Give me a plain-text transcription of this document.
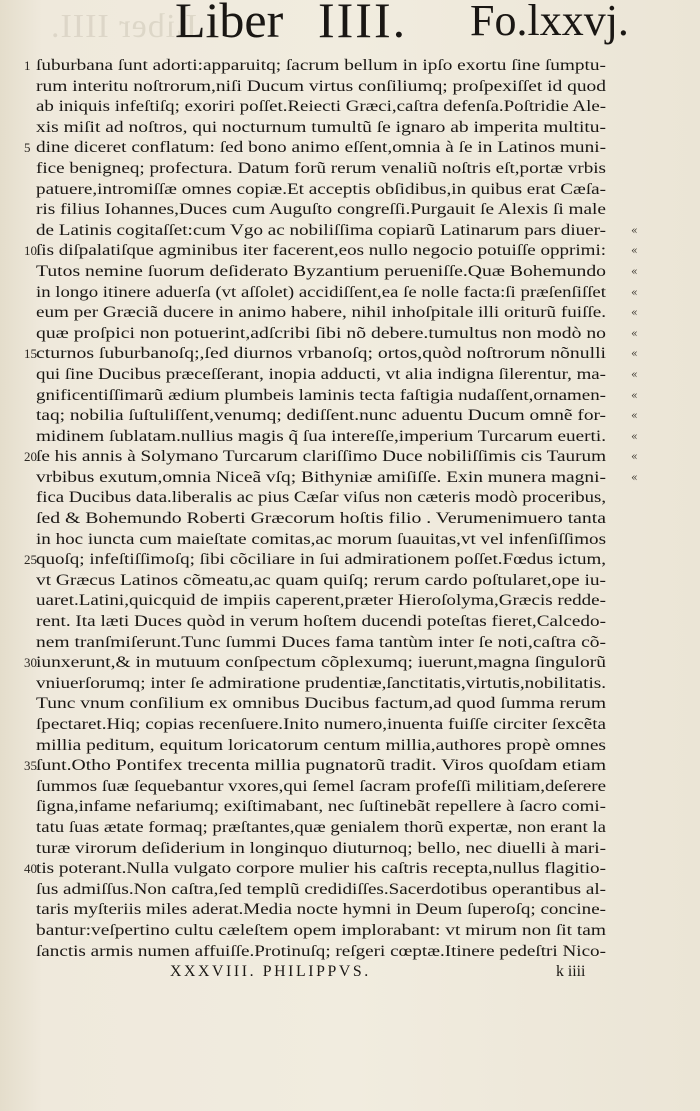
Liber IIII.
Liber IIII. Fo.lxxvj.
1 ſuburbana ſunt adorti:apparuitq; ſacrum bellum in ipſo exortu ſine ſumptu-
rum interitu noſtrorum,niſi Ducum virtus conſiliumq; proſpexiſſet id quod
ab iniquis infeſtiſq; exoriri poſſet.Reiecti Græci,caſtra defenſa.Poſtridie Ale-
xis miſit ad noſtros, qui nocturnum tumultũ ſe ignaro ab imperita multitu-
5 dine diceret conflatum: ſed bono animo eſſent,omnia à ſe in Latinos muni-
fice benigneq; profectura. Datum forũ rerum venaliũ noſtris eſt,portæ vrbis
patuere,intromiſſæ omnes copiæ.Et acceptis obſidibus,in quibus erat Cæſa-
ris filius Iohannes,Duces cum Auguſto congreſſi.Purgauit ſe Alexis ſi male
de Latinis cogitaſſet:cum Vgo ac nobiliſſima copiarũ Latinarum pars diuer-
10 ſis diſpalatiſque agminibus iter facerent,eos nullo negocio potuiſſe opprimi:
Tutos nemine ſuorum deſiderato Byzantium perueniſſe.Quæ Bohemundo
in longo itinere aduerſa (vt aſſolet) accidiſſent,ea ſe nolle facta:ſi præſenſiſſet
eum per Græciã ducere in animo habere, nihil inhoſpitale illi oriturũ fuiſſe.
quæ proſpici non potuerint,adſcribi ſibi nõ debere.tumultus non modò no
15 cturnos ſuburbanoſq;,ſed diurnos vrbanoſq; ortos,quòd noſtrorum nõnulli
qui ſine Ducibus præceſſerant, inopia adducti, vt alia indigna ſilerentur, ma-
gnificentiſſimarũ ædium plumbeis laminis tecta faſtigia nudaſſent,ornamen-
taq; nobilia ſuſtuliſſent,venumq; dediſſent.nunc aduentu Ducum omnẽ for-
midinem ſublatam.nullius magis q̃ ſua intereſſe,imperium Turcarum euerti.
20 ſe his annis à Solymano Turcarum clariſſimo Duce nobiliſſimis cis Taurum
vrbibus exutum,omnia Niceã vſq; Bithyniæ amiſiſſe. Exin munera magni-
fica Ducibus data.liberalis ac pius Cæſar viſus non cæteris modò proceribus,
ſed & Bohemundo Roberti Græcorum hoſtis filio . Verumenimuero tanta
in hoc iuncta cum maieſtate comitas,ac morum ſuauitas,vt vel infenſiſſimos
25 quoſq; infeſtiſſimoſq; ſibi cõciliare in ſui admirationem poſſet.Fœdus ictum,
vt Græcus Latinos cõmeatu,ac quam quiſq; rerum cardo poſtularet,ope iu-
uaret.Latini,quicquid de impiis caperent,præter Hieroſolyma,Græcis redde-
rent. Ita læti Duces quòd in verum hoſtem ducendi poteſtas fieret,Calcedo-
nem tranſmiſerunt.Tunc ſummi Duces fama tantùm inter ſe noti,caſtra cõ-
30 iunxerunt,& in mutuum conſpectum cõplexumq; iuerunt,magna ſingulorũ
vniuerſorumq; inter ſe admiratione prudentiæ,ſanctitatis,virtutis,nobilitatis.
Tunc vnum conſilium ex omnibus Ducibus factum,ad quod ſumma rerum
ſpectaret.Hiq; copias recenſuere.Inito numero,inuenta fuiſſe circiter ſexcẽta
millia peditum, equitum loricatorum centum millia,authores propè omnes
35 ſunt.Otho Pontifex trecenta millia pugnatorũ tradit. Viros quoſdam etiam
ſummos ſuæ ſequebantur vxores,qui ſemel ſacram profeſſi militiam,deſerere
ſigna,infame nefariumq; exiſtimabant, nec ſuſtinebãt repellere à ſacro comi-
tatu ſuas ætate formaq; præſtantes,quæ genialem thorũ expertæ, non erant la
turæ virorum deſiderium in longinquo diuturnoq; bello, nec diuelli à mari-
40 tis poterant.Nulla vulgato corpore mulier his caſtris recepta,nullus flagitio-
ſus admiſſus.Non caſtra,ſed templũ credidiſſes.Sacerdotibus operantibus al-
taris myſteriis miles aderat.Media nocte hymni in Deum ſuperoſq; concine-
bantur:veſpertino cultu cæleſtem opem implorabant: vt mirum non ſit tam
ſanctis armis numen affuiſſe.Protinuſq; reſgeri cœptæ.Itinere pedeſtri Nico-
«
«
«
«
«
«
«
«
«
«
«
«
«
XXXVIII. PHILIPPVS.	k iiii
